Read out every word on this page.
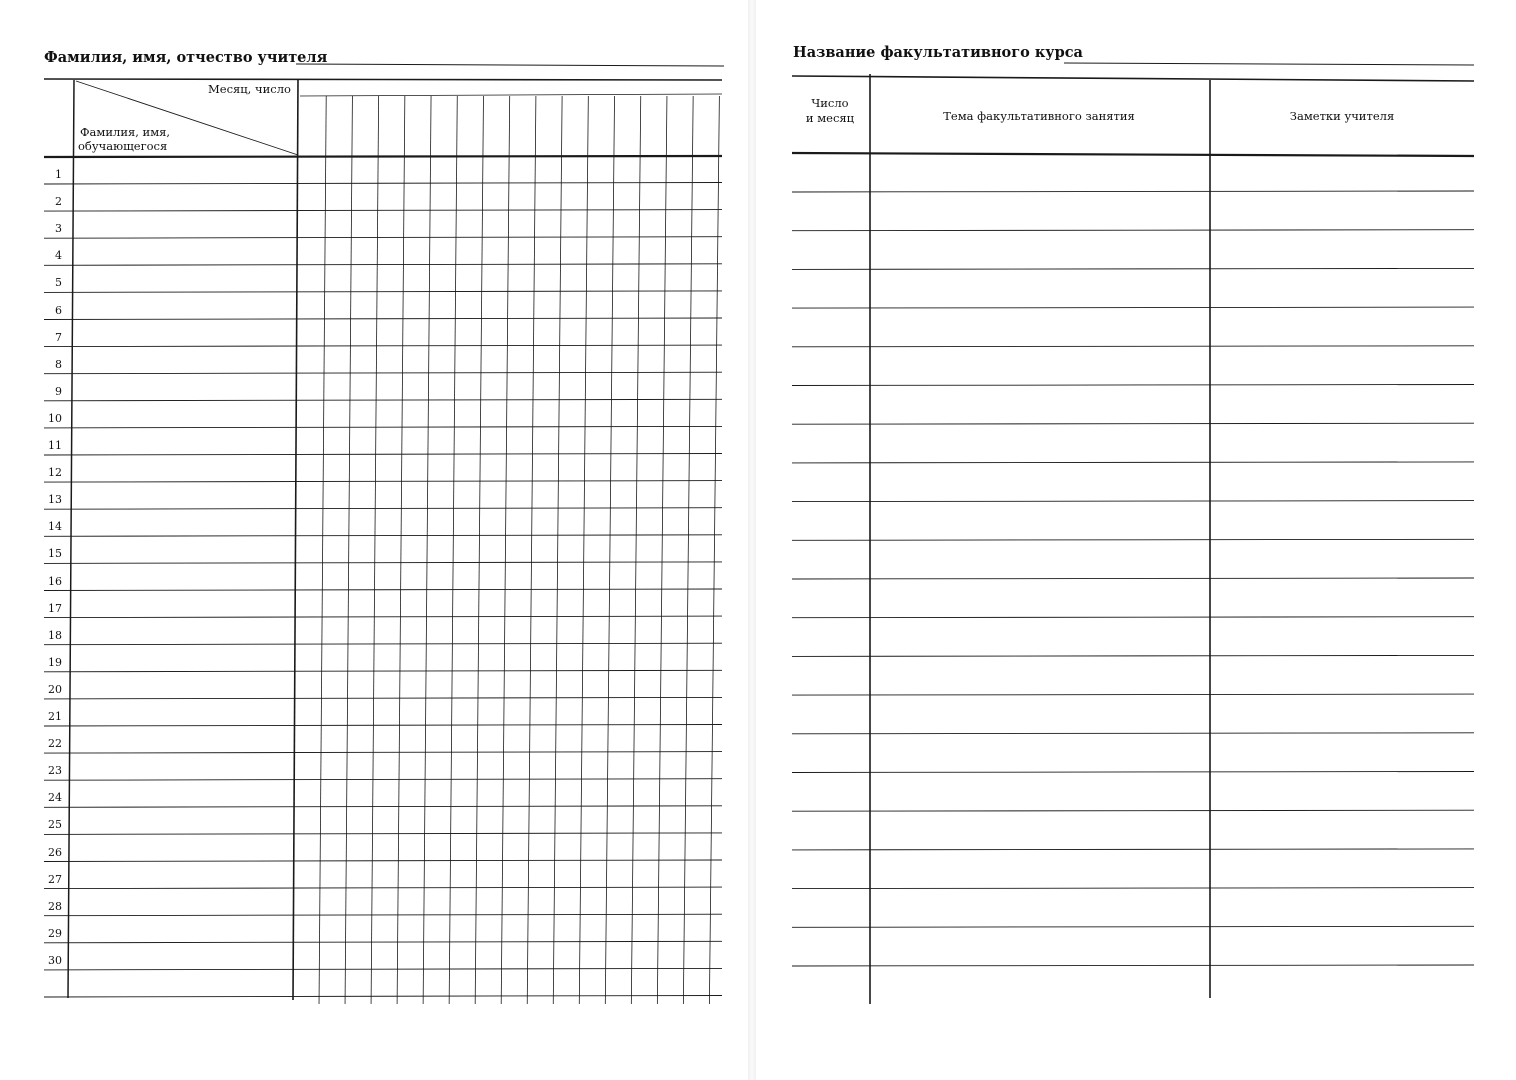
Фамилия, имя, отчество учителя
Месяц, число
Фамилия, имя,
обучающегося
1
2
3
4
5
6
7
8
9
10
11
12
13
14
15
16
17
18
19
20
21
22
23
24
25
26
27
28
29
30
Название факультативного курса
Число
и месяц	Тема факультативного занятия	Заметки учителя
